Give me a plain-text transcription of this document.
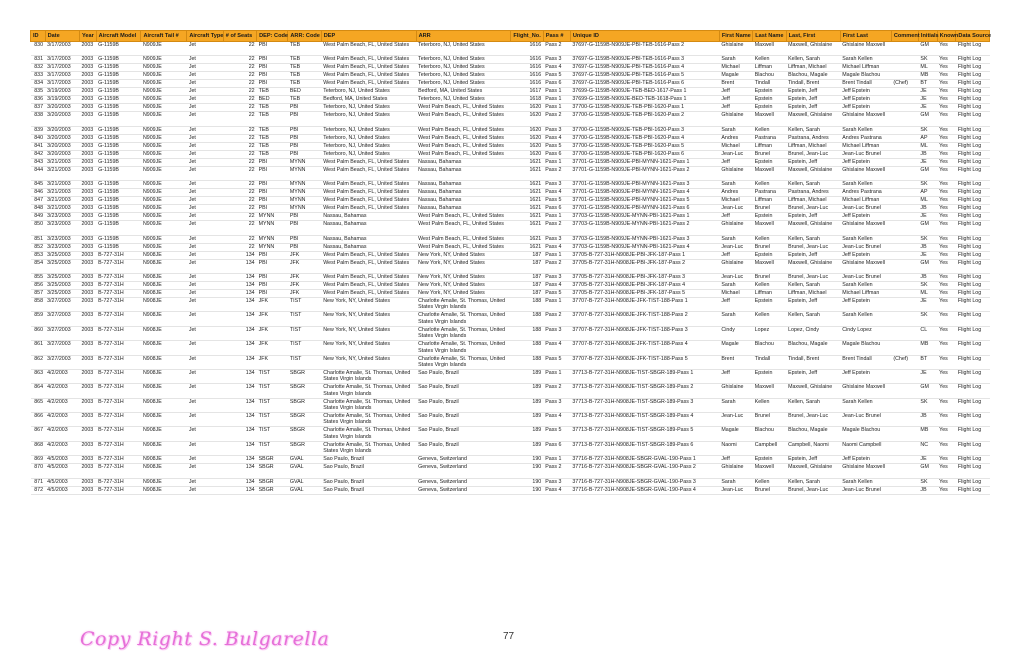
ID	Date	Year	Aircraft Model	Aircraft Tail #	Aircraft Type	# of Seats	DEP: Code	ARR: Code	DEP	ARR	Flight_No.	Pass #	Unique ID	First Name	Last Name	Last, First	First Last	Comment	Initials	Known	Data Source
830	3/17/2003	2003	G-1159B	N909JE	Jet	22	PBI	TEB	West Palm Beach, FL, United States	Teterboro, NJ, United States	1616	Pass 2	37697-G-1159B-N909JE-PBI-TEB-1616-Pass 2	Ghislaine	Maxwell	Maxwell, Ghislaine	Ghislaine Maxwell		GM	Yes	Flight Log
831	3/17/2003	2003	G-1159B	N909JE	Jet	22	PBI	TEB	West Palm Beach, FL, United States	Teterboro, NJ, United States	1616	Pass 3	37697-G-1159B-N909JE-PBI-TEB-1616-Pass 3	Sarah	Kellen	Kellen, Sarah	Sarah Kellen		SK	Yes	Flight Log
832	3/17/2003	2003	G-1159B	N909JE	Jet	22	PBI	TEB	West Palm Beach, FL, United States	Teterboro, NJ, United States	1616	Pass 4	37697-G-1159B-N909JE-PBI-TEB-1616-Pass 4	Michael	Liffman	Liffman, Michael	Michael Liffman		ML	Yes	Flight Log
833	3/17/2003	2003	G-1159B	N909JE	Jet	22	PBI	TEB	West Palm Beach, FL, United States	Teterboro, NJ, United States	1616	Pass 5	37697-G-1159B-N909JE-PBI-TEB-1616-Pass 5	Magale	Blachou	Blachou, Magale	Magale Blachou		MB	Yes	Flight Log
834	3/17/2003	2003	G-1159B	N909JE	Jet	22	PBI	TEB	West Palm Beach, FL, United States	Teterboro, NJ, United States	1616	Pass 6	37697-G-1159B-N909JE-PBI-TEB-1616-Pass 6	Brent	Tindall	Tindall, Brent	Brent Tindall	(Chef)	BT	Yes	Flight Log
835	3/19/2003	2003	G-1159B	N909JE	Jet	22	TEB	BED	Teterboro, NJ, United States	Bedford, MA, United States	1617	Pass 1	37699-G-1159B-N909JE-TEB-BED-1617-Pass 1	Jeff	Epstein	Epstein, Jeff	Jeff Epstein		JE	Yes	Flight Log
836	3/19/2003	2003	G-1159B	N909JE	Jet	22	BED	TEB	Bedford, MA, United States	Teterboro, NJ, United States	1618	Pass 1	37699-G-1159B-N909JE-BED-TEB-1618-Pass 1	Jeff	Epstein	Epstein, Jeff	Jeff Epstein		JE	Yes	Flight Log
837	3/20/2003	2003	G-1159B	N909JE	Jet	22	TEB	PBI	Teterboro, NJ, United States	West Palm Beach, FL, United States	1620	Pass 1	37700-G-1159B-N909JE-TEB-PBI-1620-Pass 1	Jeff	Epstein	Epstein, Jeff	Jeff Epstein		JE	Yes	Flight Log
838	3/20/2003	2003	G-1159B	N909JE	Jet	22	TEB	PBI	Teterboro, NJ, United States	West Palm Beach, FL, United States	1620	Pass 2	37700-G-1159B-N909JE-TEB-PBI-1620-Pass 2	Ghislaine	Maxwell	Maxwell, Ghislaine	Ghislaine Maxwell		GM	Yes	Flight Log
839	3/20/2003	2003	G-1159B	N909JE	Jet	22	TEB	PBI	Teterboro, NJ, United States	West Palm Beach, FL, United States	1620	Pass 3	37700-G-1159B-N909JE-TEB-PBI-1620-Pass 3	Sarah	Kellen	Kellen, Sarah	Sarah Kellen		SK	Yes	Flight Log
840	3/20/2003	2003	G-1159B	N909JE	Jet	22	TEB	PBI	Teterboro, NJ, United States	West Palm Beach, FL, United States	1620	Pass 4	37700-G-1159B-N909JE-TEB-PBI-1620-Pass 4	Andres	Pastrana	Pastrana, Andres	Andres Pastrana		AP	Yes	Flight Log
841	3/20/2003	2003	G-1159B	N909JE	Jet	22	TEB	PBI	Teterboro, NJ, United States	West Palm Beach, FL, United States	1620	Pass 5	37700-G-1159B-N909JE-TEB-PBI-1620-Pass 5	Michael	Liffman	Liffman, Michael	Michael Liffman		ML	Yes	Flight Log
842	3/20/2003	2003	G-1159B	N909JE	Jet	22	TEB	PBI	Teterboro, NJ, United States	West Palm Beach, FL, United States	1620	Pass 6	37700-G-1159B-N909JE-TEB-PBI-1620-Pass 6	Jean-Luc	Brunel	Brunel, Jean-Luc	Jean-Luc Brunel		JB	Yes	Flight Log
843	3/21/2003	2003	G-1159B	N909JE	Jet	22	PBI	MYNN	West Palm Beach, FL, United States	Nassau, Bahamas	1621	Pass 1	37701-G-1159B-N909JE-PBI-MYNN-1621-Pass 1	Jeff	Epstein	Epstein, Jeff	Jeff Epstein		JE	Yes	Flight Log
844	3/21/2003	2003	G-1159B	N909JE	Jet	22	PBI	MYNN	West Palm Beach, FL, United States	Nassau, Bahamas	1621	Pass 2	37701-G-1159B-N909JE-PBI-MYNN-1621-Pass 2	Ghislaine	Maxwell	Maxwell, Ghislaine	Ghislaine Maxwell		GM	Yes	Flight Log
845	3/21/2003	2003	G-1159B	N909JE	Jet	22	PBI	MYNN	West Palm Beach, FL, United States	Nassau, Bahamas	1621	Pass 3	37701-G-1159B-N909JE-PBI-MYNN-1621-Pass 3	Sarah	Kellen	Kellen, Sarah	Sarah Kellen		SK	Yes	Flight Log
846	3/21/2003	2003	G-1159B	N909JE	Jet	22	PBI	MYNN	West Palm Beach, FL, United States	Nassau, Bahamas	1621	Pass 4	37701-G-1159B-N909JE-PBI-MYNN-1621-Pass 4	Andres	Pastrana	Pastrana, Andres	Andres Pastrana		AP	Yes	Flight Log
847	3/21/2003	2003	G-1159B	N909JE	Jet	22	PBI	MYNN	West Palm Beach, FL, United States	Nassau, Bahamas	1621	Pass 5	37701-G-1159B-N909JE-PBI-MYNN-1621-Pass 5	Michael	Liffman	Liffman, Michael	Michael Liffman		ML	Yes	Flight Log
848	3/21/2003	2003	G-1159B	N909JE	Jet	22	PBI	MYNN	West Palm Beach, FL, United States	Nassau, Bahamas	1621	Pass 6	37701-G-1159B-N909JE-PBI-MYNN-1621-Pass 6	Jean-Luc	Brunel	Brunel, Jean-Luc	Jean-Luc Brunel		JB	Yes	Flight Log
849	3/23/2003	2003	G-1159B	N909JE	Jet	22	MYNN	PBI	Nassau, Bahamas	West Palm Beach, FL, United States	1621	Pass 1	37703-G-1159B-N909JE-MYNN-PBI-1621-Pass 1	Jeff	Epstein	Epstein, Jeff	Jeff Epstein		JE	Yes	Flight Log
850	3/23/2003	2003	G-1159B	N909JE	Jet	22	MYNN	PBI	Nassau, Bahamas	West Palm Beach, FL, United States	1621	Pass 2	37703-G-1159B-N909JE-MYNN-PBI-1621-Pass 2	Ghislaine	Maxwell	Maxwell, Ghislaine	Ghislaine Maxwell		GM	Yes	Flight Log
851	3/23/2003	2003	G-1159B	N909JE	Jet	22	MYNN	PBI	Nassau, Bahamas	West Palm Beach, FL, United States	1621	Pass 3	37703-G-1159B-N909JE-MYNN-PBI-1621-Pass 3	Sarah	Kellen	Kellen, Sarah	Sarah Kellen		SK	Yes	Flight Log
852	3/23/2003	2003	G-1159B	N909JE	Jet	22	MYNN	PBI	Nassau, Bahamas	West Palm Beach, FL, United States	1621	Pass 4	37703-G-1159B-N909JE-MYNN-PBI-1621-Pass 4	Jean-Luc	Brunel	Brunel, Jean-Luc	Jean-Luc Brunel		JB	Yes	Flight Log
853	3/25/2003	2003	B-727-31H	N908JE	Jet	134	PBI	JFK	West Palm Beach, FL, United States	New York, NY, United States	187	Pass 1	37705-B-727-31H-N908JE-PBI-JFK-187-Pass 1	Jeff	Epstein	Epstein, Jeff	Jeff Epstein		JE	Yes	Flight Log
854	3/25/2003	2003	B-727-31H	N908JE	Jet	134	PBI	JFK	West Palm Beach, FL, United States	New York, NY, United States	187	Pass 2	37705-B-727-31H-N908JE-PBI-JFK-187-Pass 2	Ghislaine	Maxwell	Maxwell, Ghislaine	Ghislaine Maxwell		GM	Yes	Flight Log
855	3/25/2003	2003	B-727-31H	N908JE	Jet	134	PBI	JFK	West Palm Beach, FL, United States	New York, NY, United States	187	Pass 3	37705-B-727-31H-N908JE-PBI-JFK-187-Pass 3	Jean-Luc	Brunel	Brunel, Jean-Luc	Jean-Luc Brunel		JB	Yes	Flight Log
856	3/25/2003	2003	B-727-31H	N908JE	Jet	134	PBI	JFK	West Palm Beach, FL, United States	New York, NY, United States	187	Pass 4	37705-B-727-31H-N908JE-PBI-JFK-187-Pass 4	Sarah	Kellen	Kellen, Sarah	Sarah Kellen		SK	Yes	Flight Log
857	3/25/2003	2003	B-727-31H	N908JE	Jet	134	PBI	JFK	West Palm Beach, FL, United States	New York, NY, United States	187	Pass 5	37705-B-727-31H-N908JE-PBI-JFK-187-Pass 5	Michael	Liffman	Liffman, Michael	Michael Liffman		ML	Yes	Flight Log
858	3/27/2003	2003	B-727-31H	N908JE	Jet	134	JFK	TIST	New York, NY, United States	Charlotte Amalie, St. Thomas, United States Virgin Islands	188	Pass 1	37707-B-727-31H-N908JE-JFK-TIST-188-Pass 1	Jeff	Epstein	Epstein, Jeff	Jeff Epstein		JE	Yes	Flight Log
859	3/27/2003	2003	B-727-31H	N908JE	Jet	134	JFK	TIST	New York, NY, United States	Charlotte Amalie, St. Thomas, United States Virgin Islands	188	Pass 2	37707-B-727-31H-N908JE-JFK-TIST-188-Pass 2	Sarah	Kellen	Kellen, Sarah	Sarah Kellen		SK	Yes	Flight Log
860	3/27/2003	2003	B-727-31H	N908JE	Jet	134	JFK	TIST	New York, NY, United States	Charlotte Amalie, St. Thomas, United States Virgin Islands	188	Pass 3	37707-B-727-31H-N908JE-JFK-TIST-188-Pass 3	Cindy	Lopez	Lopez, Cindy	Cindy Lopez		CL	Yes	Flight Log
861	3/27/2003	2003	B-727-31H	N908JE	Jet	134	JFK	TIST	New York, NY, United States	Charlotte Amalie, St. Thomas, United States Virgin Islands	188	Pass 4	37707-B-727-31H-N908JE-JFK-TIST-188-Pass 4	Magale	Blachou	Blachou, Magale	Magale Blachou		MB	Yes	Flight Log
862	3/27/2003	2003	B-727-31H	N908JE	Jet	134	JFK	TIST	New York, NY, United States	Charlotte Amalie, St. Thomas, United States Virgin Islands	188	Pass 5	37707-B-727-31H-N908JE-JFK-TIST-188-Pass 5	Brent	Tindall	Tindall, Brent	Brent Tindall	(Chef)	BT	Yes	Flight Log
863	4/2/2003	2003	B-727-31H	N908JE	Jet	134	TIST	SBGR	Charlotte Amalie, St. Thomas, United States Virgin Islands	Sao Paulo, Brazil	189	Pass 1	37713-B-727-31H-N908JE-TIST-SBGR-189-Pass 1	Jeff	Epstein	Epstein, Jeff	Jeff Epstein		JE	Yes	Flight Log
864	4/2/2003	2003	B-727-31H	N908JE	Jet	134	TIST	SBGR	Charlotte Amalie, St. Thomas, United States Virgin Islands	Sao Paulo, Brazil	189	Pass 2	37713-B-727-31H-N908JE-TIST-SBGR-189-Pass 2	Ghislaine	Maxwell	Maxwell, Ghislaine	Ghislaine Maxwell		GM	Yes	Flight Log
865	4/2/2003	2003	B-727-31H	N908JE	Jet	134	TIST	SBGR	Charlotte Amalie, St. Thomas, United States Virgin Islands	Sao Paulo, Brazil	189	Pass 3	37713-B-727-31H-N908JE-TIST-SBGR-189-Pass 3	Sarah	Kellen	Kellen, Sarah	Sarah Kellen		SK	Yes	Flight Log
866	4/2/2003	2003	B-727-31H	N908JE	Jet	134	TIST	SBGR	Charlotte Amalie, St. Thomas, United States Virgin Islands	Sao Paulo, Brazil	189	Pass 4	37713-B-727-31H-N908JE-TIST-SBGR-189-Pass 4	Jean-Luc	Brunel	Brunel, Jean-Luc	Jean-Luc Brunel		JB	Yes	Flight Log
867	4/2/2003	2003	B-727-31H	N908JE	Jet	134	TIST	SBGR	Charlotte Amalie, St. Thomas, United States Virgin Islands	Sao Paulo, Brazil	189	Pass 5	37713-B-727-31H-N908JE-TIST-SBGR-189-Pass 5	Magale	Blachou	Blachou, Magale	Magale Blachou		MB	Yes	Flight Log
868	4/2/2003	2003	B-727-31H	N908JE	Jet	134	TIST	SBGR	Charlotte Amalie, St. Thomas, United States Virgin Islands	Sao Paulo, Brazil	189	Pass 6	37713-B-727-31H-N908JE-TIST-SBGR-189-Pass 6	Naomi	Campbell	Campbell, Naomi	Naomi Campbell		NC	Yes	Flight Log
869	4/5/2003	2003	B-727-31H	N908JE	Jet	134	SBGR	GVAL	Sao Paulo, Brazil	Geneva, Switzerland	190	Pass 1	37716-B-727-31H-N908JE-SBGR-GVAL-190-Pass 1	Jeff	Epstein	Epstein, Jeff	Jeff Epstein		JE	Yes	Flight Log
870	4/5/2003	2003	B-727-31H	N908JE	Jet	134	SBGR	GVAL	Sao Paulo, Brazil	Geneva, Switzerland	190	Pass 2	37716-B-727-31H-N908JE-SBGR-GVAL-190-Pass 2	Ghislaine	Maxwell	Maxwell, Ghislaine	Ghislaine Maxwell		GM	Yes	Flight Log
871	4/5/2003	2003	B-727-31H	N908JE	Jet	134	SBGR	GVAL	Sao Paulo, Brazil	Geneva, Switzerland	190	Pass 3	37716-B-727-31H-N908JE-SBGR-GVAL-190-Pass 3	Sarah	Kellen	Kellen, Sarah	Sarah Kellen		SK	Yes	Flight Log
872	4/5/2003	2003	B-727-31H	N908JE	Jet	134	SBGR	GVAL	Sao Paulo, Brazil	Geneva, Switzerland	190	Pass 4	37716-B-727-31H-N908JE-SBGR-GVAL-190-Pass 4	Jean-Luc	Brunel	Brunel, Jean-Luc	Jean-Luc Brunel		JB	Yes	Flight Log
Copy Right S. Bulgarella	77
